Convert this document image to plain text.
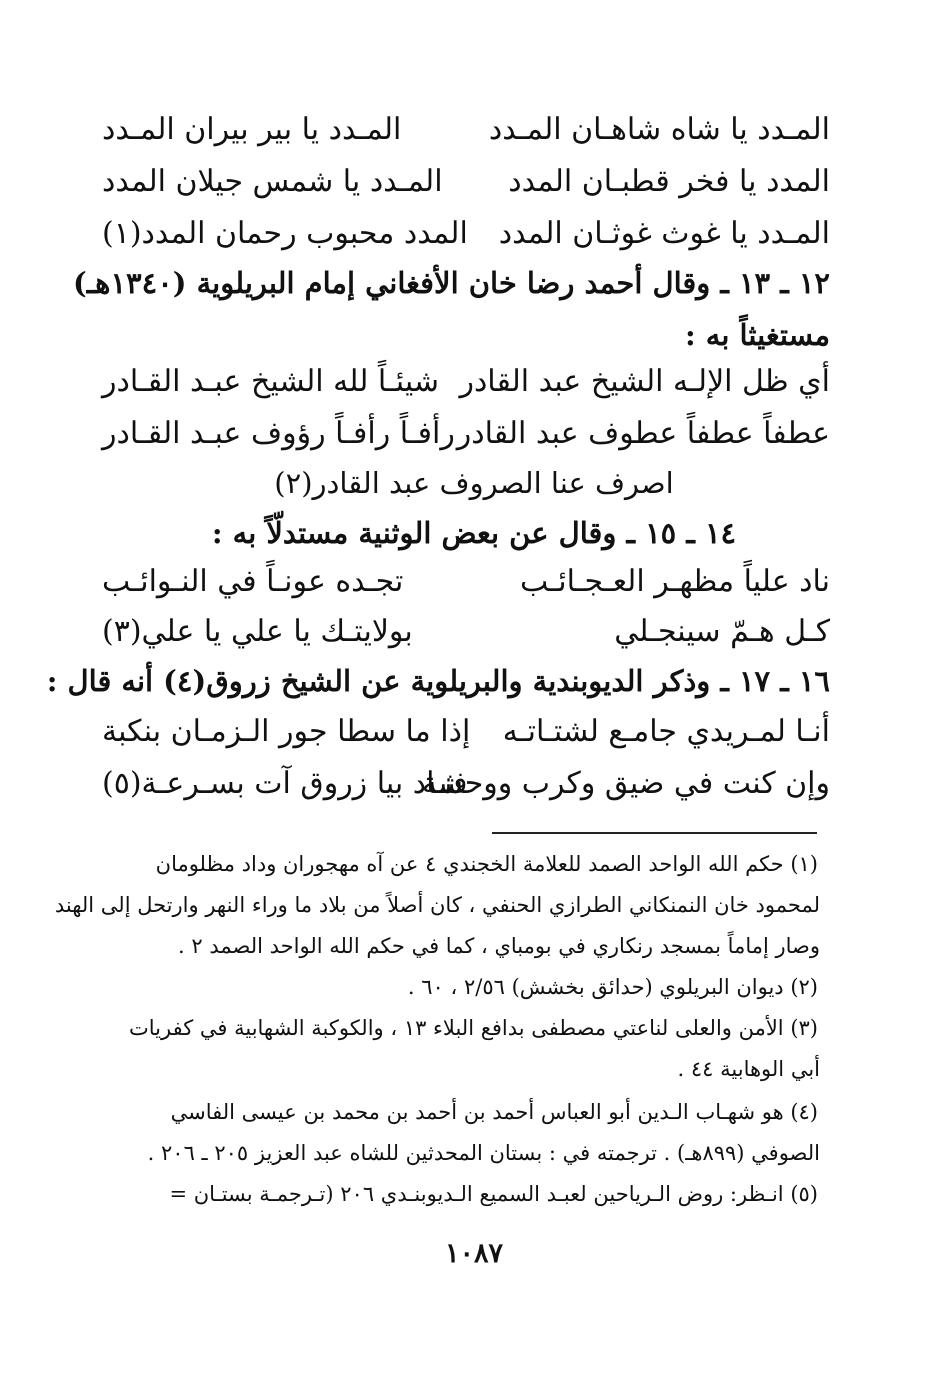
المـدد يا شاه شاهـان المـدد
المـدد يا بير بيران المـدد
المدد يا فخر قطبـان المدد
المـدد يا شمس جيلان المدد
المـدد يا غوث غوثـان المدد
المدد محبوب رحمان المدد(١)
١٢ ـ ١٣ ـ وقال أحمد رضا خان الأفغاني إمام البريلوية (١٣٤٠هـ)
مستغيثاً به :
أي ظل الإلـه الشيخ عبد القادر
شيئـاً لله الشيخ عبـد القـادر
عطفاً عطفاً عطوف عبد القادر
رأفـاً رأفـاً رؤوف عبـد القـادر
اصرف عنا الصروف عبد القادر(٢)
١٤ ـ ١٥ ـ وقال عن بعض الوثنية مستدلّاً به :
ناد علياً مظهـر العـجـائـب
تجـده عونـاً في النـوائـب
كـل هـمّ سينجـلي
بولايتـك يا علي يا علي(٣)
١٦ ـ ١٧ ـ وذكر الديوبندية والبريلوية عن الشيخ زروق(٤) أنه قال :
أنـا لمـريدي جامـع لشتـاتـه
إذا ما سطا جور الـزمـان بنكبة
وإن كنت في ضيق وكرب ووحشة
فنـاد بيا زروق آت بسـرعـة(٥)
(١) حكم الله الواحد الصمد للعلامة الخجندي ٤ عن آه مهجوران وداد مظلومان
لمحمود خان النمنكاني الطرازي الحنفي ، كان أصلاً من بلاد ما وراء النهر وارتحل إلى الهند
وصار إماماً بمسجد رنكاري في بومباي ، كما في حكم الله الواحد الصمد ٢ .
(٢) ديوان البريلوي (حدائق بخشش) ٢/٥٦ ، ٦٠ .
(٣) الأمن والعلى لناعتي مصطفى بدافع البلاء ١٣ ، والكوكبة الشهابية في كفريات
أبي الوهابية ٤٤ .
(٤) هو شهـاب الـدين أبو العباس أحمد بن أحمد بن محمد بن عيسى الفاسي
الصوفي (٨٩٩هـ) . ترجمته في : بستان المحدثين للشاه عبد العزيز ٢٠٥ ـ ٢٠٦ .
(٥) انـظر: روض الـرياحين لعبـد السميع الـديوبنـدي ٢٠٦ (تـرجمـة بستـان =
١٠٨٧
